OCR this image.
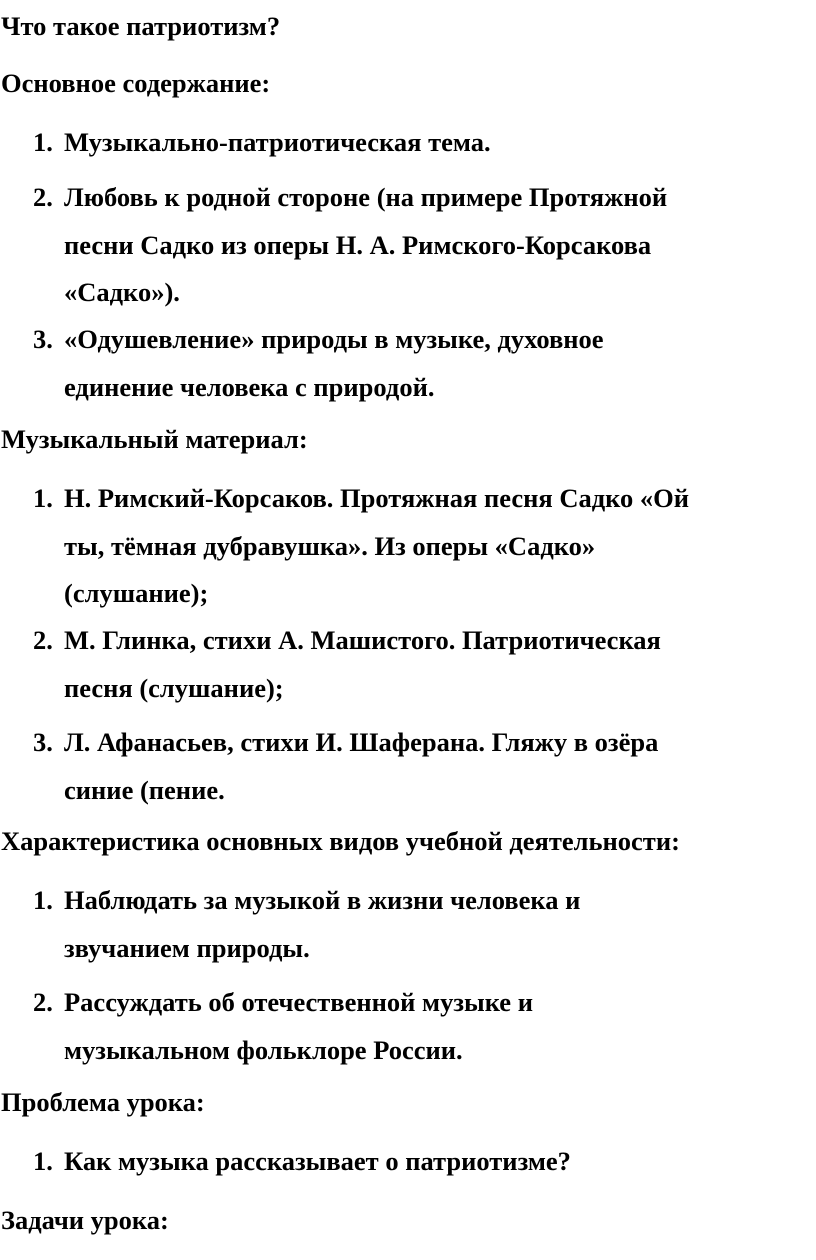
Что такое патриотизм?

Основное содержание:

1. Музыкально-патриотическая тема.
2. Любовь к родной стороне (на примере Протяжной
песни Садко из оперы Н. А. Римского-Корсакова
«Садко»).
3. «Одушевление» природы в музыке, духовное
единение человека с природой.

Музыкальный материал:

1. Н. Римский-Корсаков. Протяжная песня Садко «Ой
ты, тёмная дубравушка». Из оперы «Садко»
(слушание);
2. М. Глинка, стихи А. Машистого. Патриотическая
песня (слушание);
3. Л. Афанасьев, стихи И. Шаферана. Гляжу в озёра
синие (пение.

Характеристика основных видов учебной деятельности:

1. Наблюдать за музыкой в жизни человека и
звучанием природы.
2. Рассуждать об отечественной музыке и
музыкальном фольклоре России.

Проблема урока:

1. Как музыка рассказывает о патриотизме?

Задачи урока:
